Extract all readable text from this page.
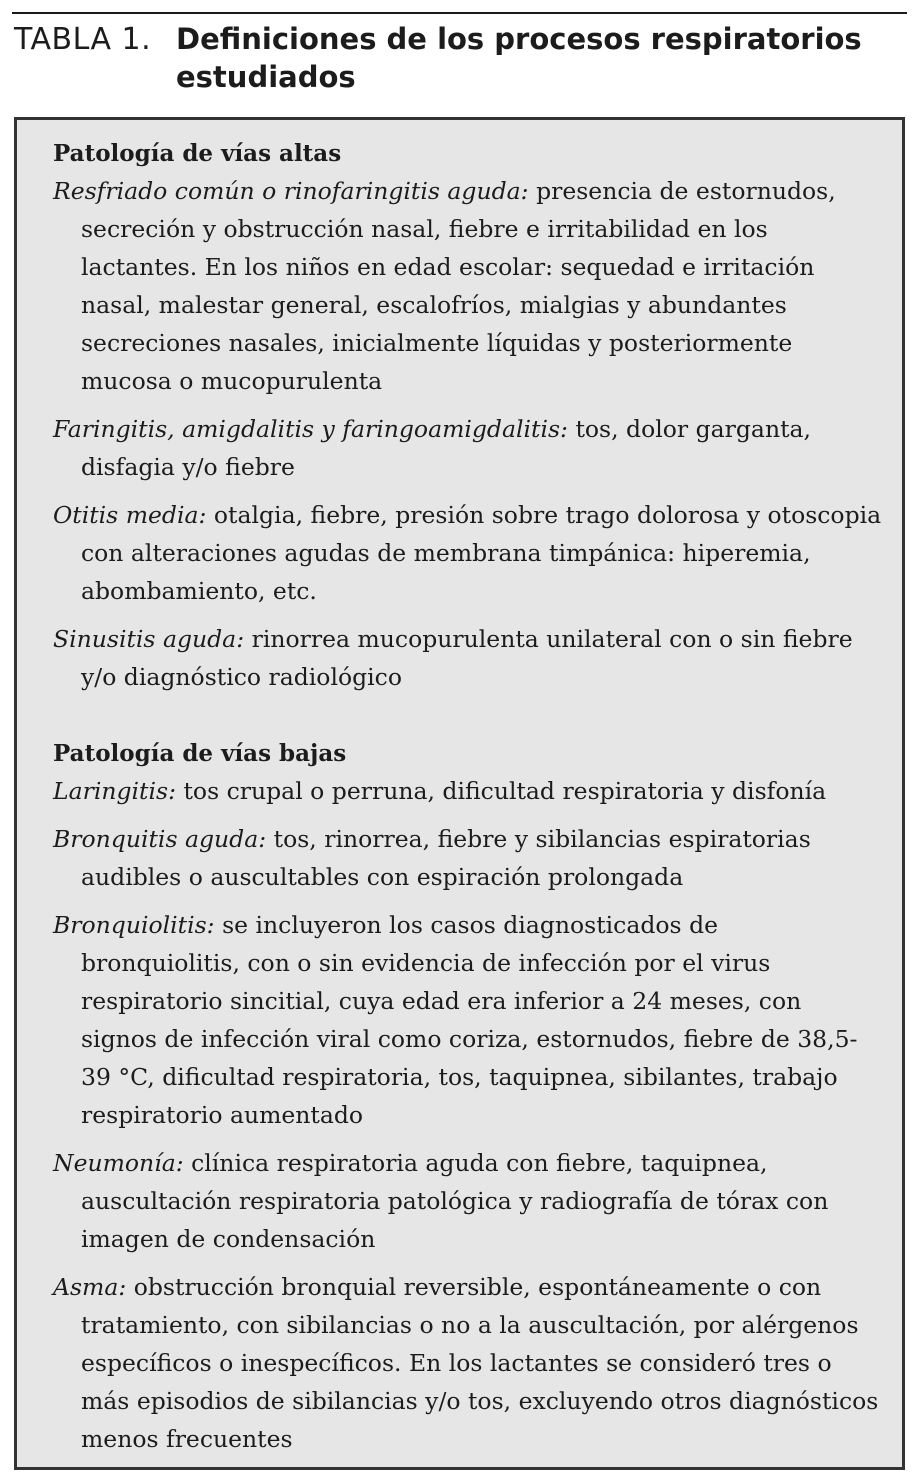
TABLA 1. Definiciones de los procesos respiratorios estudiados

Patología de vías altas

Resfriado común o rinofaringitis aguda: presencia de estornudos, secreción y obstrucción nasal, fiebre e irritabilidad en los lactantes. En los niños en edad escolar: sequedad e irritación nasal, malestar general, escalofríos, mialgias y abundantes secreciones nasales, inicialmente líquidas y posteriormente mucosa o mucopurulenta

Faringitis, amigdalitis y faringoamigdalitis: tos, dolor garganta, disfagia y/o fiebre

Otitis media: otalgia, fiebre, presión sobre trago dolorosa y otoscopia con alteraciones agudas de membrana timpánica: hiperemia, abombamiento, etc.

Sinusitis aguda: rinorrea mucopurulenta unilateral con o sin fiebre y/o diagnóstico radiológico

Patología de vías bajas

Laringitis: tos crupal o perruna, dificultad respiratoria y disfonía

Bronquitis aguda: tos, rinorrea, fiebre y sibilancias espiratorias audibles o auscultables con espiración prolongada

Bronquiolitis: se incluyeron los casos diagnosticados de bronquiolitis, con o sin evidencia de infección por el virus respiratorio sincitial, cuya edad era inferior a 24 meses, con signos de infección viral como coriza, estornudos, fiebre de 38,5-39 °C, dificultad respiratoria, tos, taquipnea, sibilantes, trabajo respiratorio aumentado

Neumonía: clínica respiratoria aguda con fiebre, taquipnea, auscultación respiratoria patológica y radiografía de tórax con imagen de condensación

Asma: obstrucción bronquial reversible, espontáneamente o con tratamiento, con sibilancias o no a la auscultación, por alérgenos específicos o inespecíficos. En los lactantes se consideró tres o más episodios de sibilancias y/o tos, excluyendo otros diagnósticos menos frecuentes
